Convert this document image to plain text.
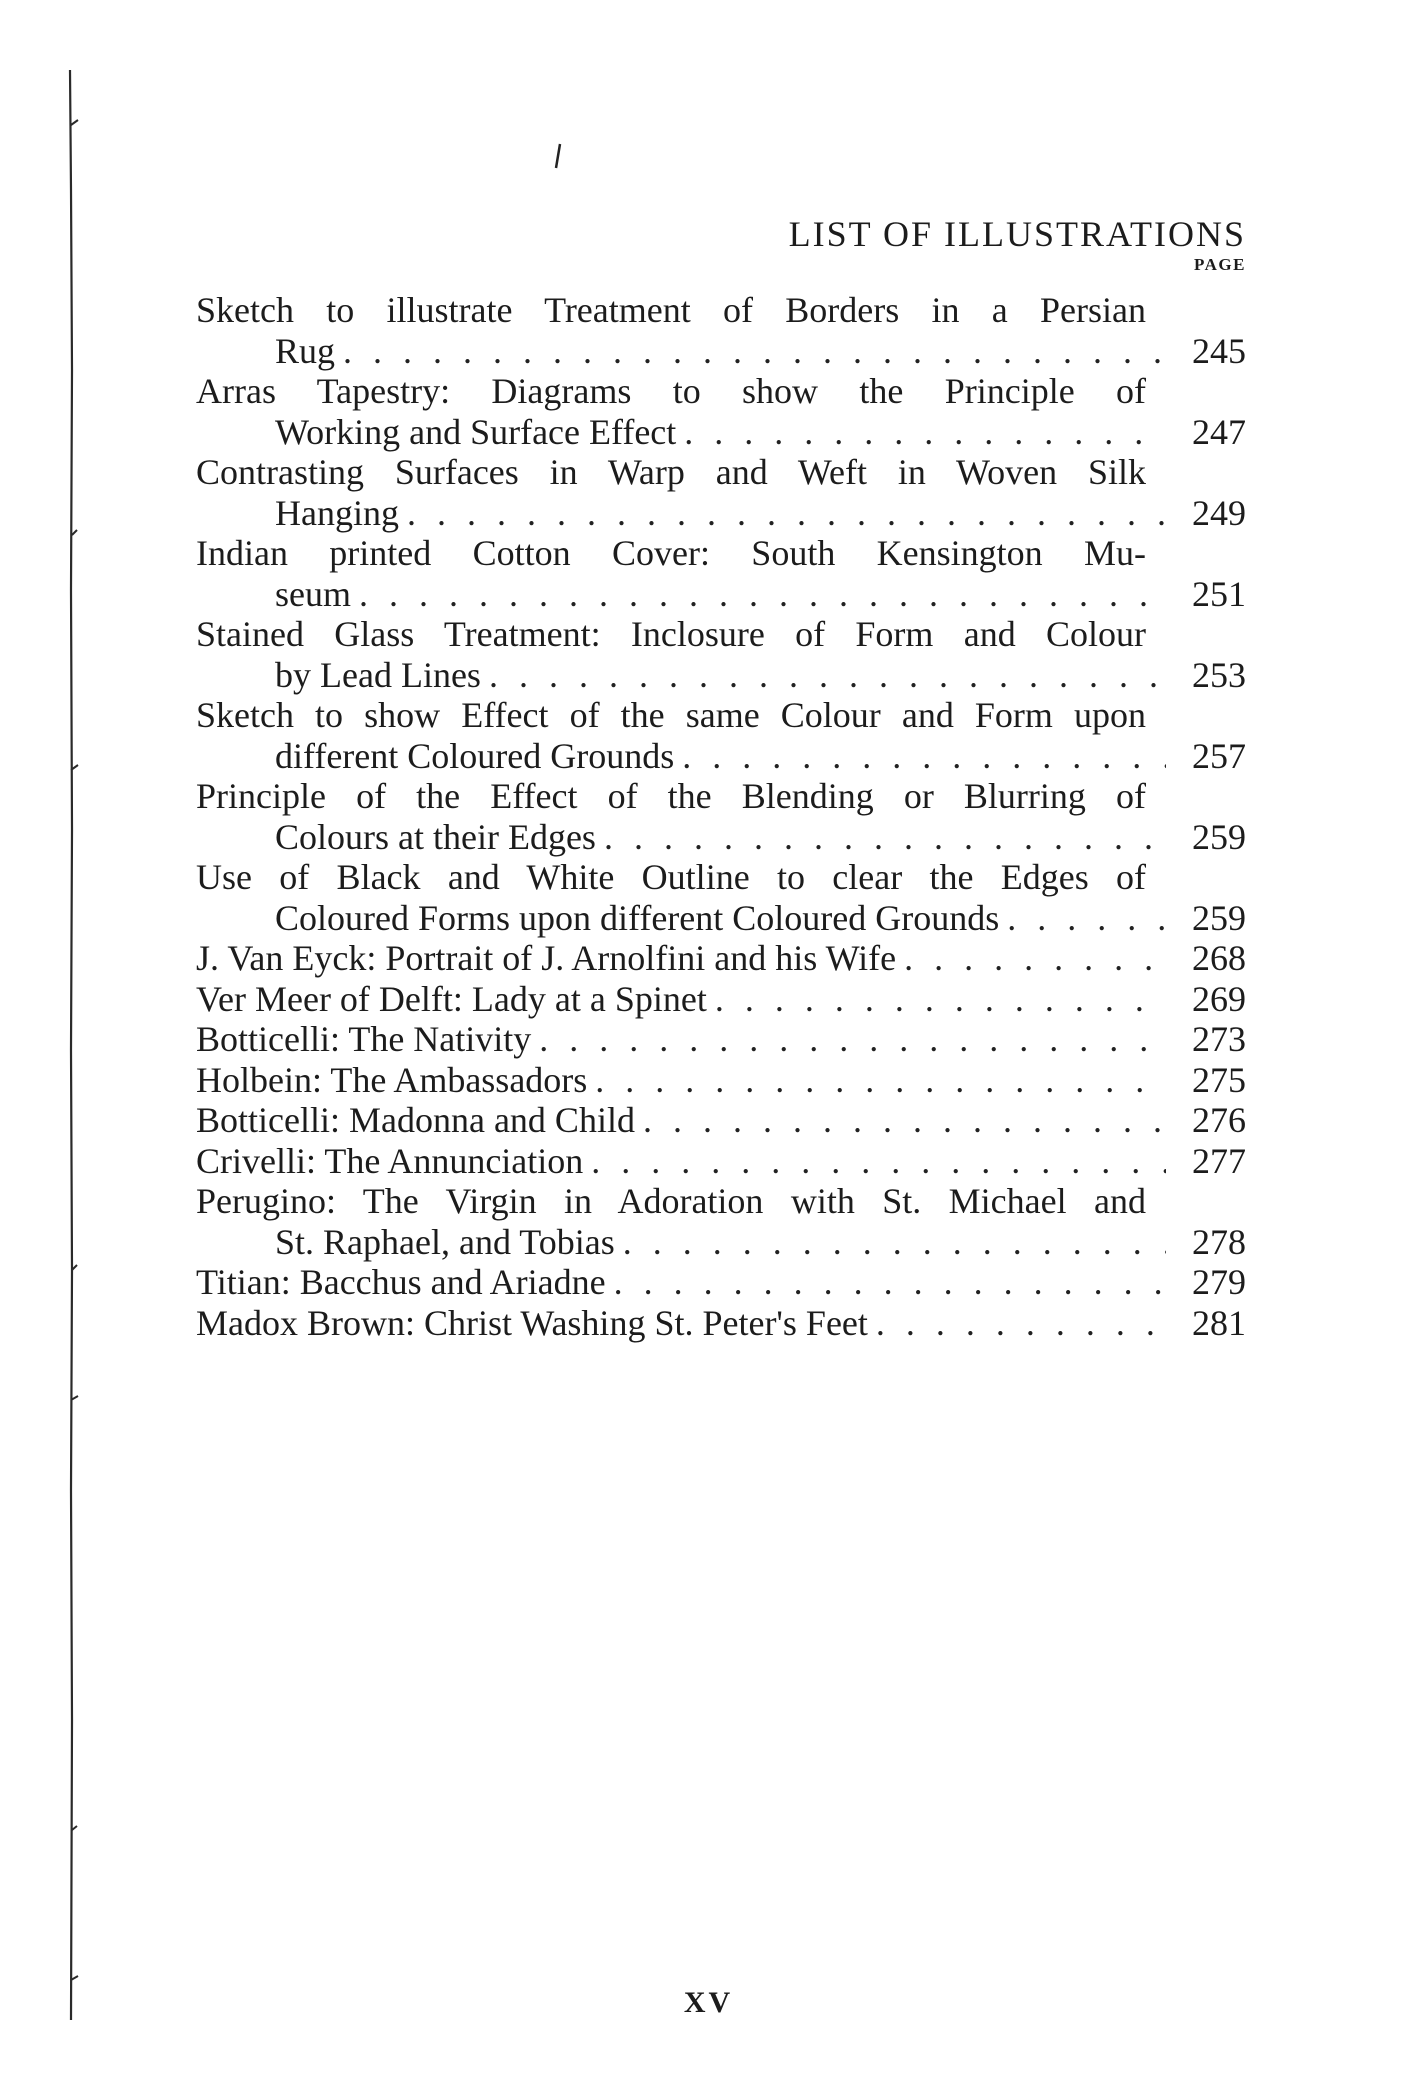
LIST OF ILLUSTRATIONS
PAGE
Sketch to illustrate Treatment of Borders in a Persian
Rug . . .	245
Arras Tapestry: Diagrams to show the Principle of
Working and Surface Effect . . .	247
Contrasting Surfaces in Warp and Weft in Woven Silk
Hanging . . .	249
Indian printed Cotton Cover: South Kensington Mu-
seum . . .	251
Stained Glass Treatment: Inclosure of Form and Colour
by Lead Lines . . .	253
Sketch to show Effect of the same Colour and Form upon
different Coloured Grounds . . .	257
Principle of the Effect of the Blending or Blurring of
Colours at their Edges . . .	259
Use of Black and White Outline to clear the Edges of
Coloured Forms upon different Coloured Grounds . . .	259
J. Van Eyck: Portrait of J. Arnolfini and his Wife . . .	268
Ver Meer of Delft: Lady at a Spinet . . .	269
Botticelli: The Nativity . . .	273
Holbein: The Ambassadors . . .	275
Botticelli: Madonna and Child . . .	276
Crivelli: The Annunciation . . .	277
Perugino: The Virgin in Adoration with St. Michael and
St. Raphael, and Tobias . . .	278
Titian: Bacchus and Ariadne . . .	279
Madox Brown: Christ Washing St. Peter's Feet . . .	281
XV
